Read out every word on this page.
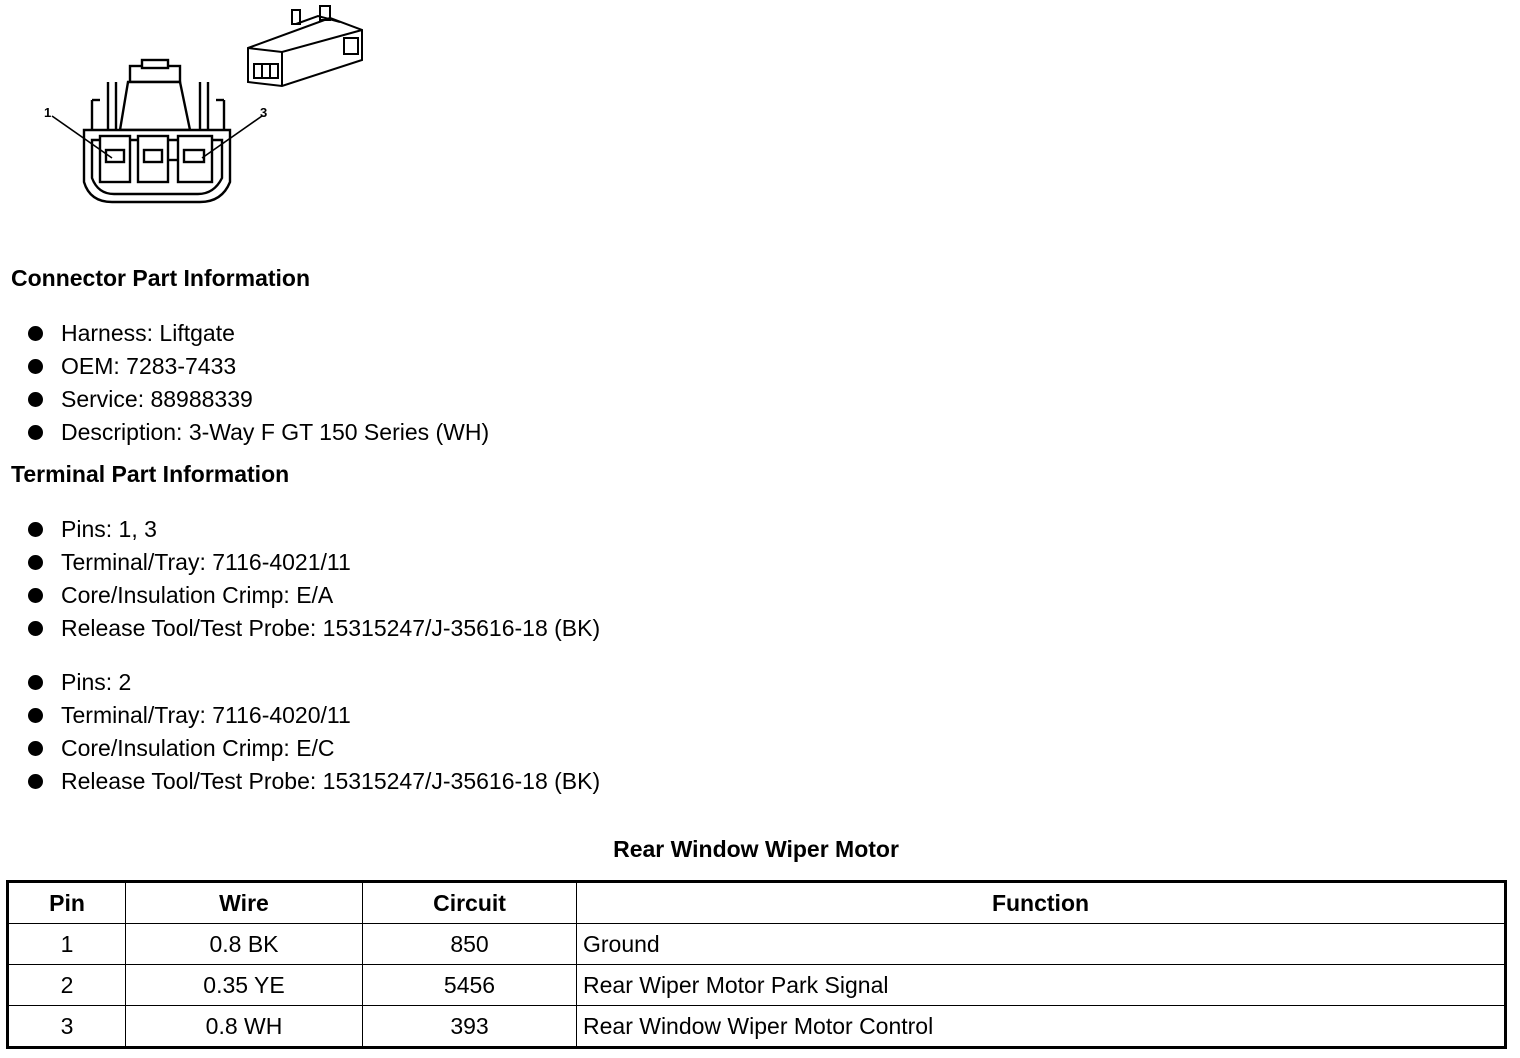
1	3
Connector Part Information
Harness: Liftgate
OEM: 7283-7433
Service: 88988339
Description: 3-Way F GT 150 Series (WH)
Terminal Part Information
Pins: 1, 3
Terminal/Tray: 7116-4021/11
Core/Insulation Crimp: E/A
Release Tool/Test Probe: 15315247/J-35616-18 (BK)
Pins: 2
Terminal/Tray: 7116-4020/11
Core/Insulation Crimp: E/C
Release Tool/Test Probe: 15315247/J-35616-18 (BK)
Rear Window Wiper Motor
Pin	Wire	Circuit	Function
1	0.8 BK	850	Ground
2	0.35 YE	5456	Rear Wiper Motor Park Signal
3	0.8 WH	393	Rear Window Wiper Motor Control
